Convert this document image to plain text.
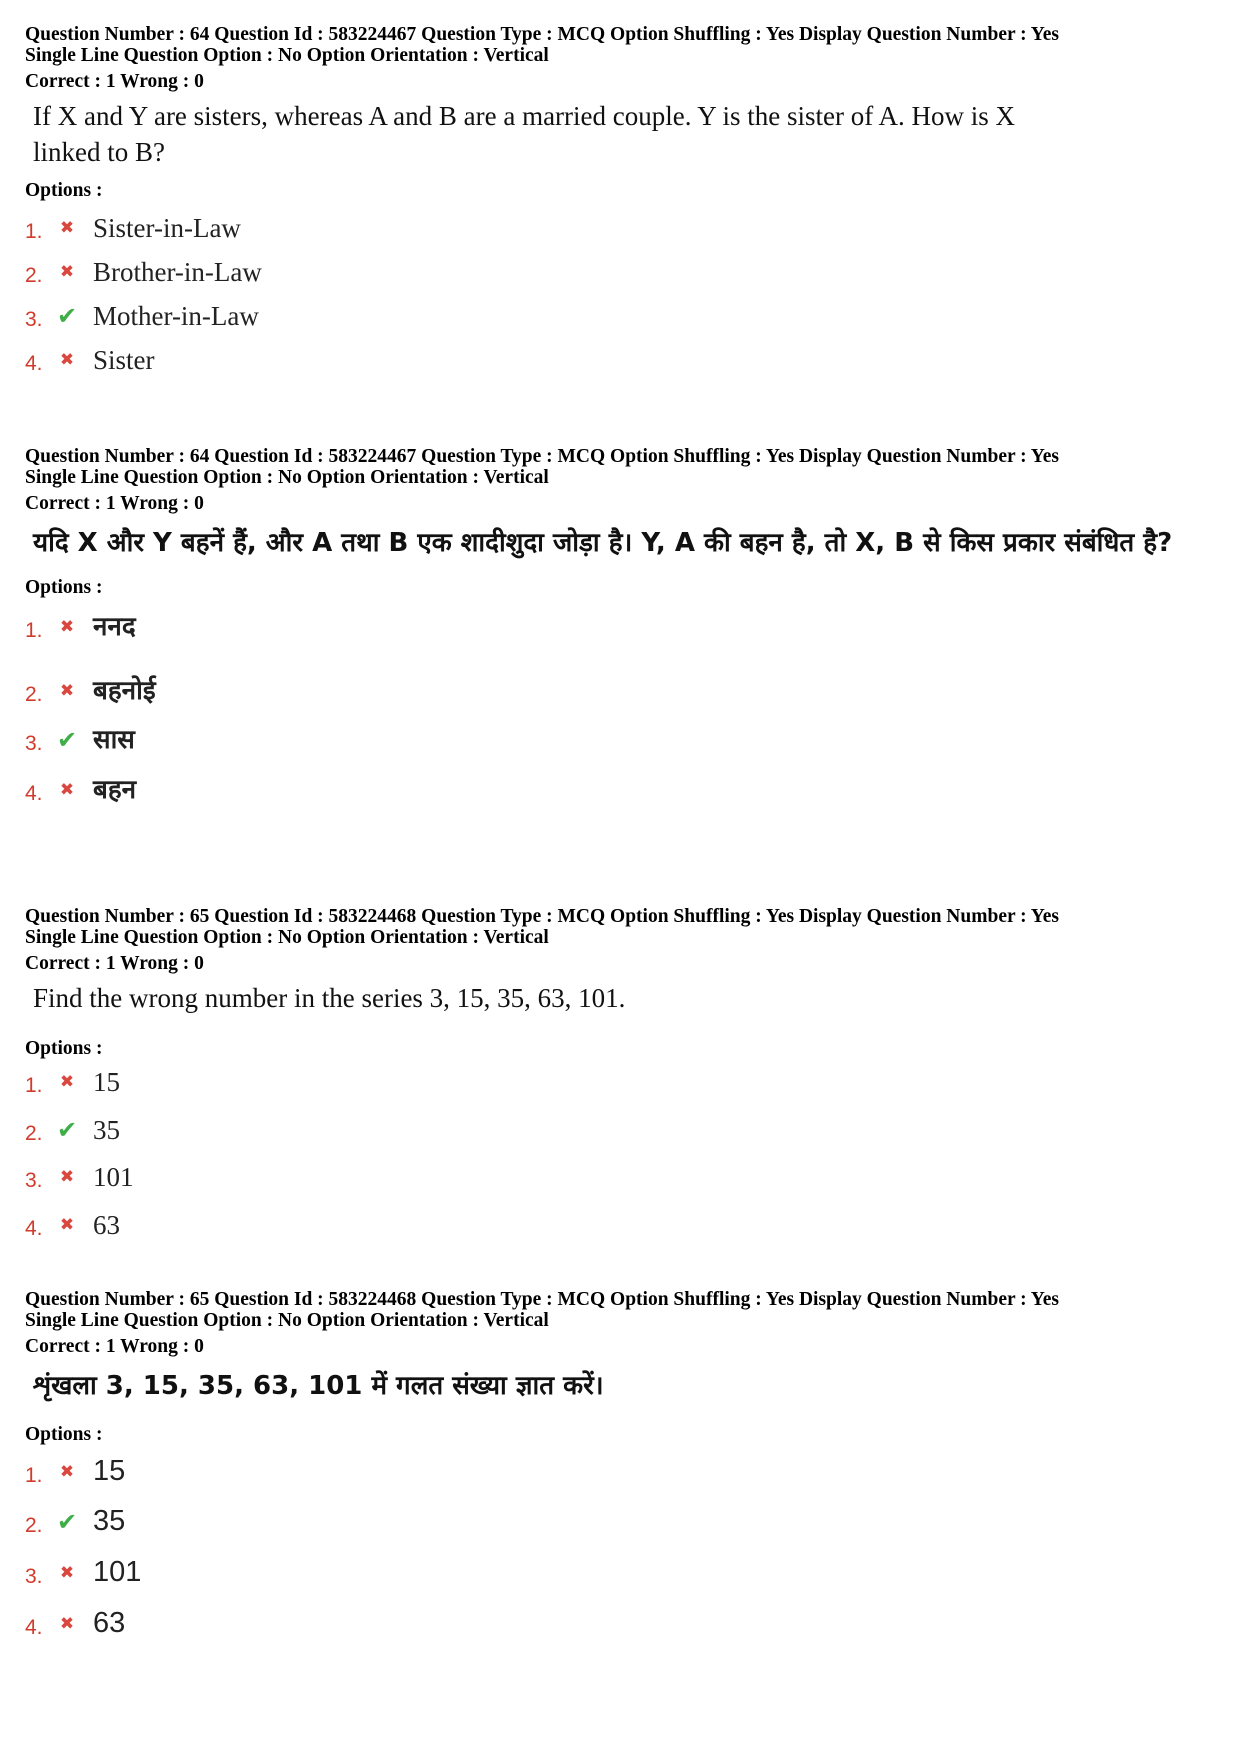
Question Number : 64 Question Id : 583224467 Question Type : MCQ Option Shuffling : Yes Display Question Number : Yes
Single Line Question Option : No Option Orientation : Vertical
Correct : 1 Wrong : 0
If X and Y are sisters, whereas A and B are a married couple. Y is the sister of A. How is X linked to B?
Options :
1.	✖ Sister-in-Law
2.	✖ Brother-in-Law
3. ✔ Mother-in-Law
4.	✖ Sister
Question Number : 64 Question Id : 583224467 Question Type : MCQ Option Shuffling : Yes Display Question Number : Yes
Single Line Question Option : No Option Orientation : Vertical
Correct : 1 Wrong : 0
यदि X और Y बहनें हैं, और A तथा B एक शादीशुदा जोड़ा है। Y, A की बहन है, तो X, B से किस प्रकार संबंधित है?
Options :
1.	✖ ननद
2.	✖ बहनोई
3. ✔ सास
4.	✖ बहन
Question Number : 65 Question Id : 583224468 Question Type : MCQ Option Shuffling : Yes Display Question Number : Yes
Single Line Question Option : No Option Orientation : Vertical
Correct : 1 Wrong : 0
Find the wrong number in the series 3, 15, 35, 63, 101.
Options :
1.	✖ 15
2. ✔ 35
3.	✖ 101
4.	✖ 63
Question Number : 65 Question Id : 583224468 Question Type : MCQ Option Shuffling : Yes Display Question Number : Yes
Single Line Question Option : No Option Orientation : Vertical
Correct : 1 Wrong : 0
शृंखला 3, 15, 35, 63, 101 में गलत संख्या ज्ञात करें।
Options :
1.	✖ 15
2. ✔ 35
3.	✖ 101
4.	✖ 63
